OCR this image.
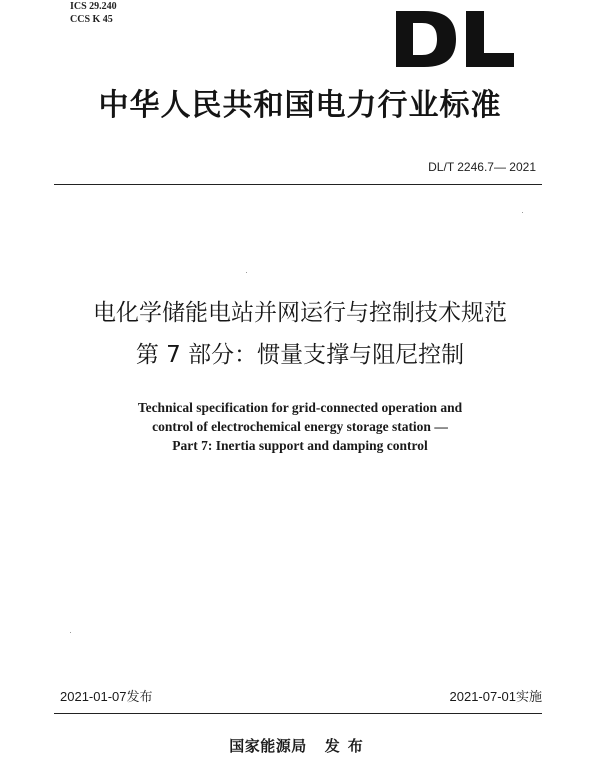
ICS 29.240
CCS K 45
中华人民共和国电力行业标准
DL/T 2246.7— 2021
电化学储能电站并网运行与控制技术规范
第 7 部分：惯量支撑与阻尼控制
Technical specification for grid-connected operation and
control of electrochemical energy storage station —
Part 7: Inertia support and damping control
2021-01-07发布	2021-07-01实施
国家能源局 发布
